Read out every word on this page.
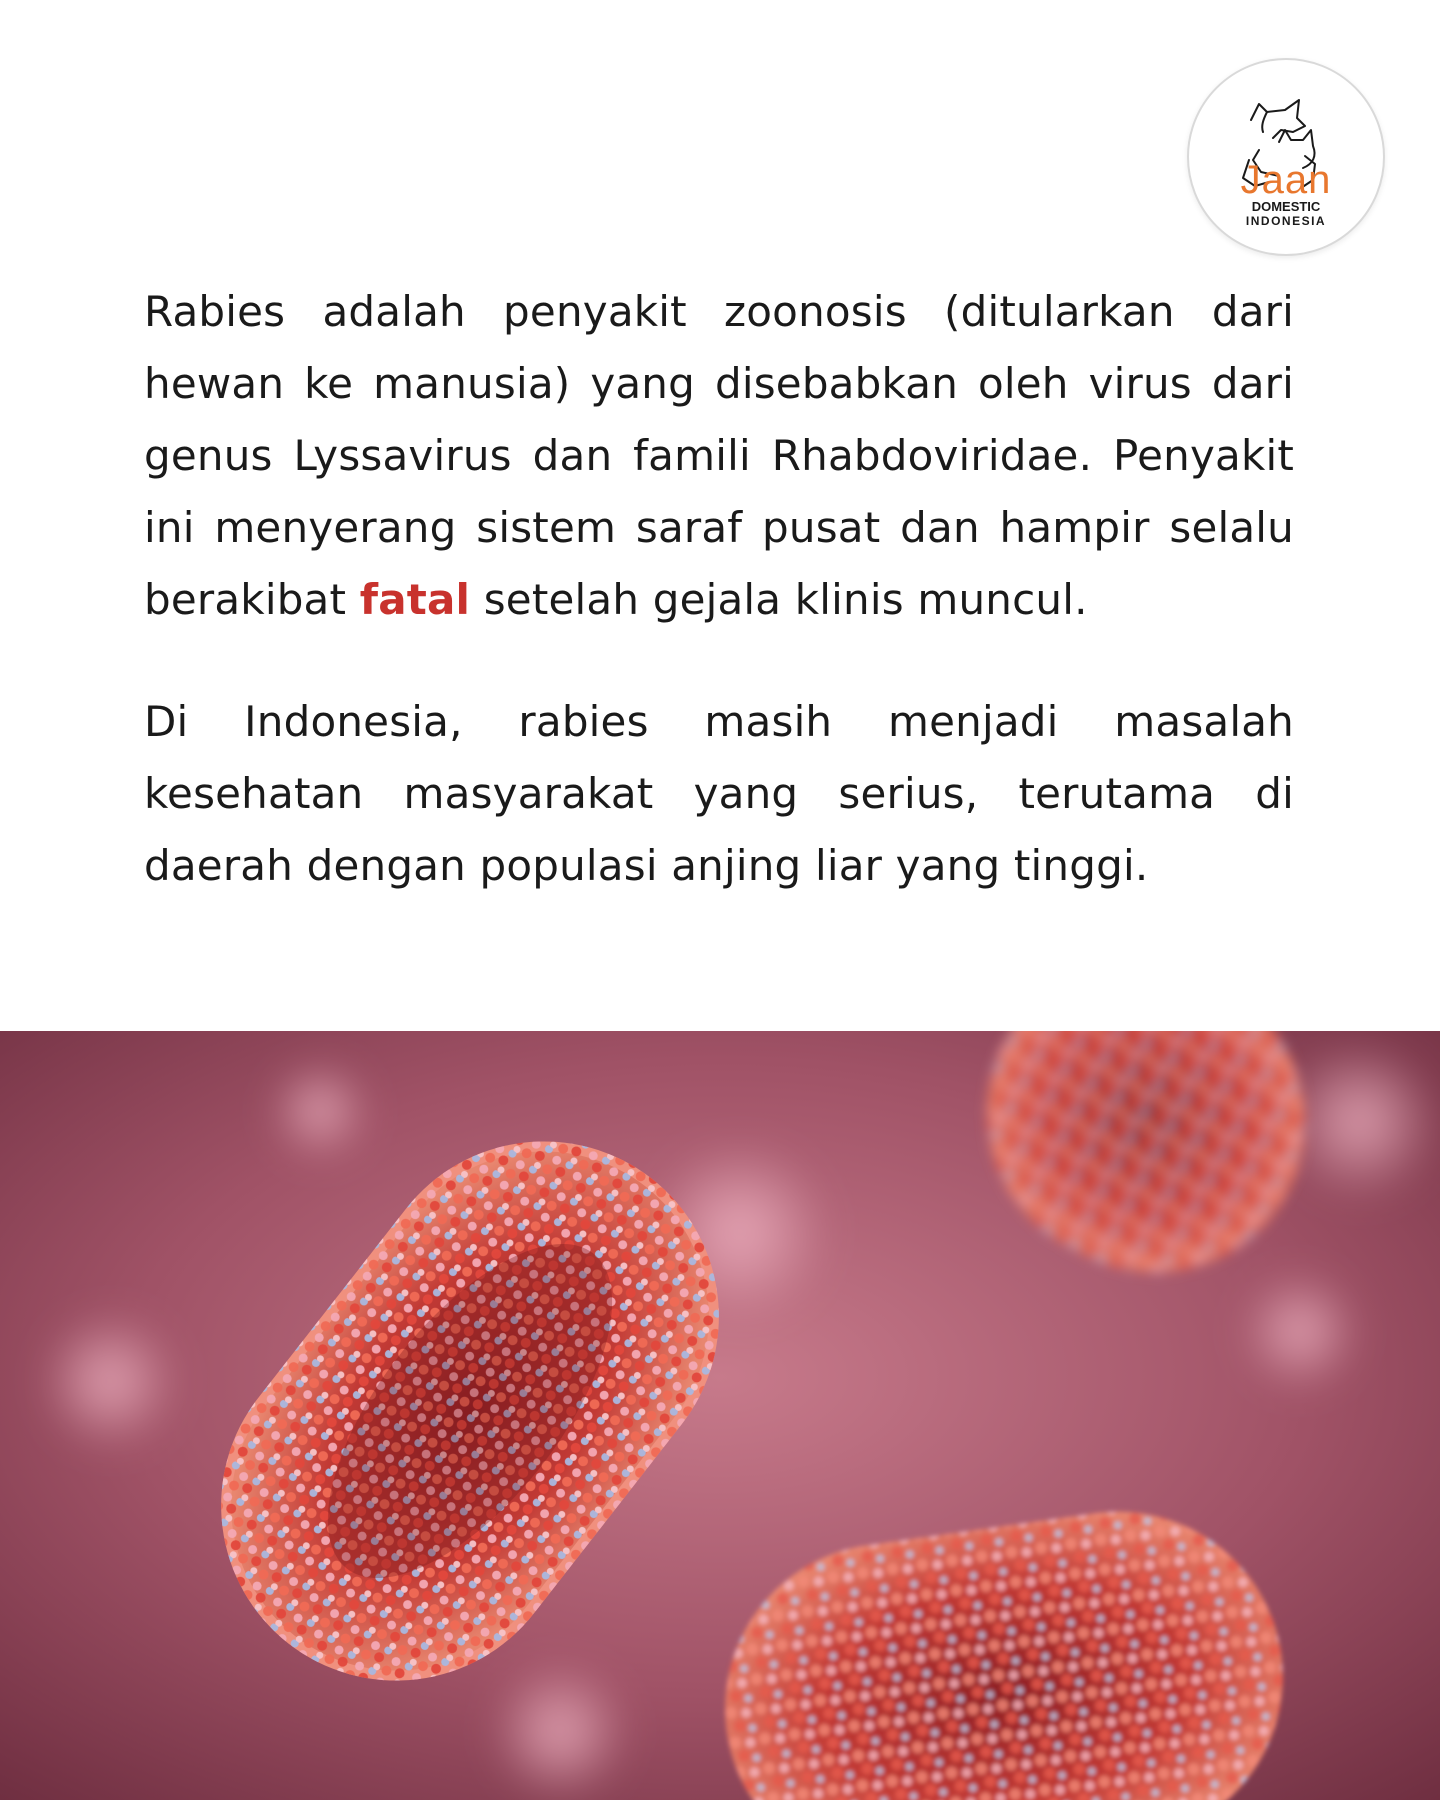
Jaan
DOMESTIC
INDONESIA

Rabies adalah penyakit zoonosis (ditularkan dari hewan ke manusia) yang disebabkan oleh virus dari genus Lyssavirus dan famili Rhabdoviridae. Penyakit ini menyerang sistem saraf pusat dan hampir selalu berakibat fatal setelah gejala klinis muncul.

Di Indonesia, rabies masih menjadi masalah kesehatan masyarakat yang serius, terutama di daerah dengan populasi anjing liar yang tinggi.
